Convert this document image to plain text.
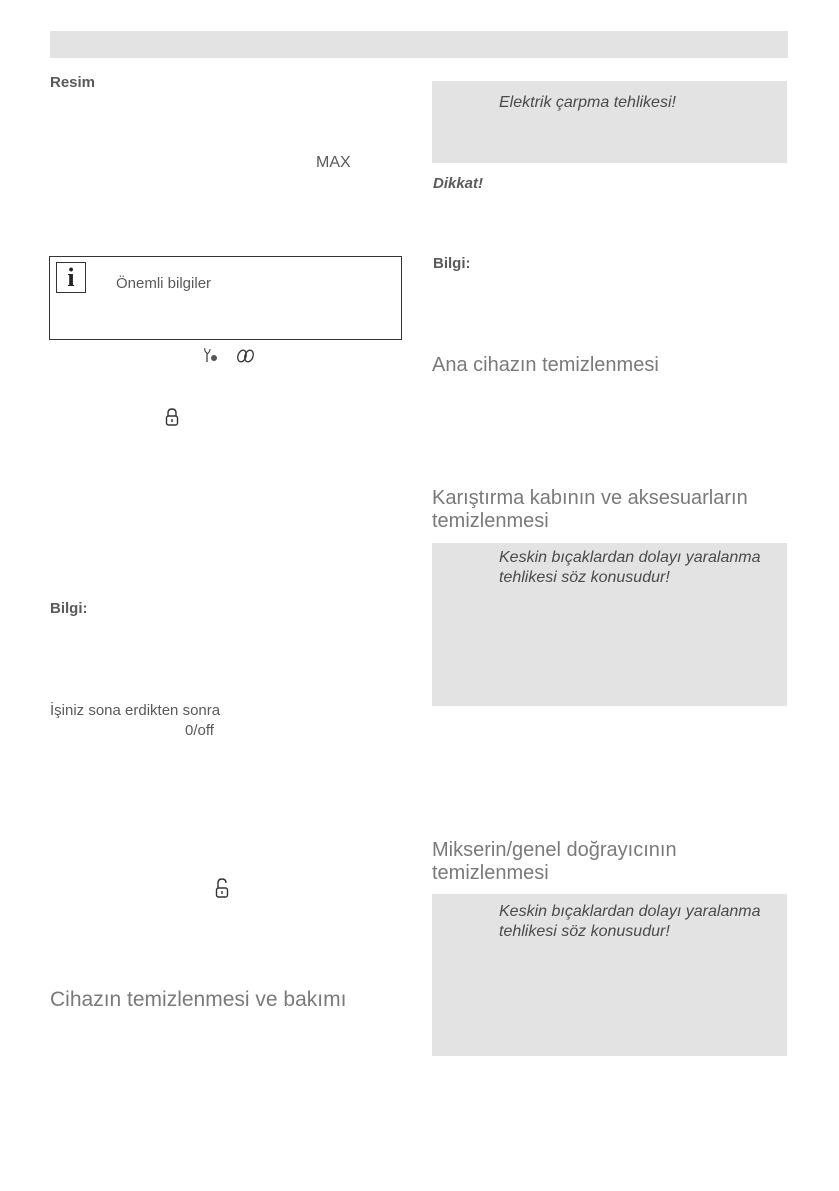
Resim
MAX
i	Önemli bilgiler
Bilgi:
İşiniz sona erdikten sonra
0/off
Cihazın temizlenmesi ve bakımı
Elektrik çarpma tehlikesi!
Dikkat!
Bilgi:
Ana cihazın temizlenmesi
Karıştırma kabının ve aksesuarların temizlenmesi
Keskin bıçaklardan dolayı yaralanma tehlikesi söz konusudur!
Mikserin/genel doğrayıcının temizlenmesi
Keskin bıçaklardan dolayı yaralanma tehlikesi söz konusudur!
